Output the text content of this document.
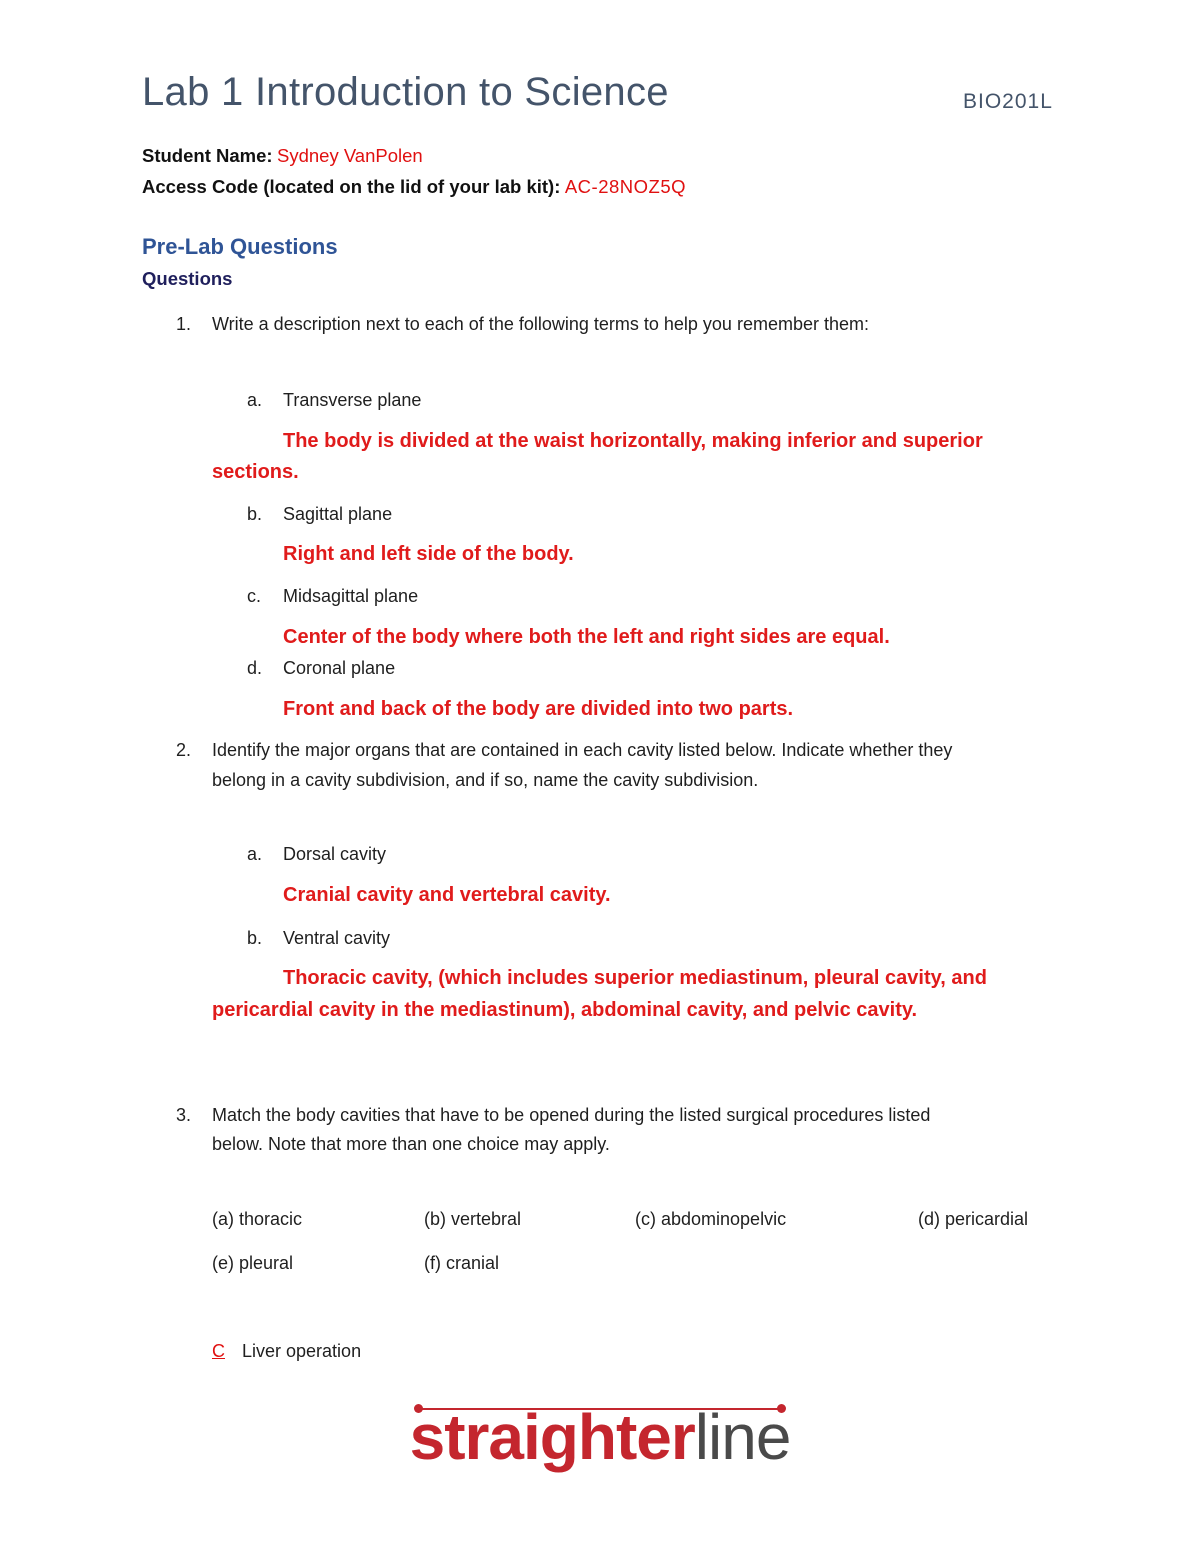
Lab 1 Introduction to Science	BIO201L
Student Name: Sydney VanPolen
Access Code (located on the lid of your lab kit): AC-28NOZ5Q
Pre-Lab Questions
Questions
1. Write a description next to each of the following terms to help you remember them:
a. Transverse plane
The body is divided at the waist horizontally, making inferior and superior
sections.
b. Sagittal plane
Right and left side of the body.
c. Midsagittal plane
Center of the body where both the left and right sides are equal.
d. Coronal plane
Front and back of the body are divided into two parts.
2. Identify the major organs that are contained in each cavity listed below. Indicate whether they
belong in a cavity subdivision, and if so, name the cavity subdivision.
a. Dorsal cavity
Cranial cavity and vertebral cavity.
b. Ventral cavity
Thoracic cavity, (which includes superior mediastinum, pleural cavity, and
pericardial cavity in the mediastinum), abdominal cavity, and pelvic cavity.
3. Match the body cavities that have to be opened during the listed surgical procedures listed
below. Note that more than one choice may apply.
(a) thoracic	(b) vertebral	(c) abdominopelvic	(d) pericardial
(e) pleural	(f) cranial
C Liver operation
straighterline
